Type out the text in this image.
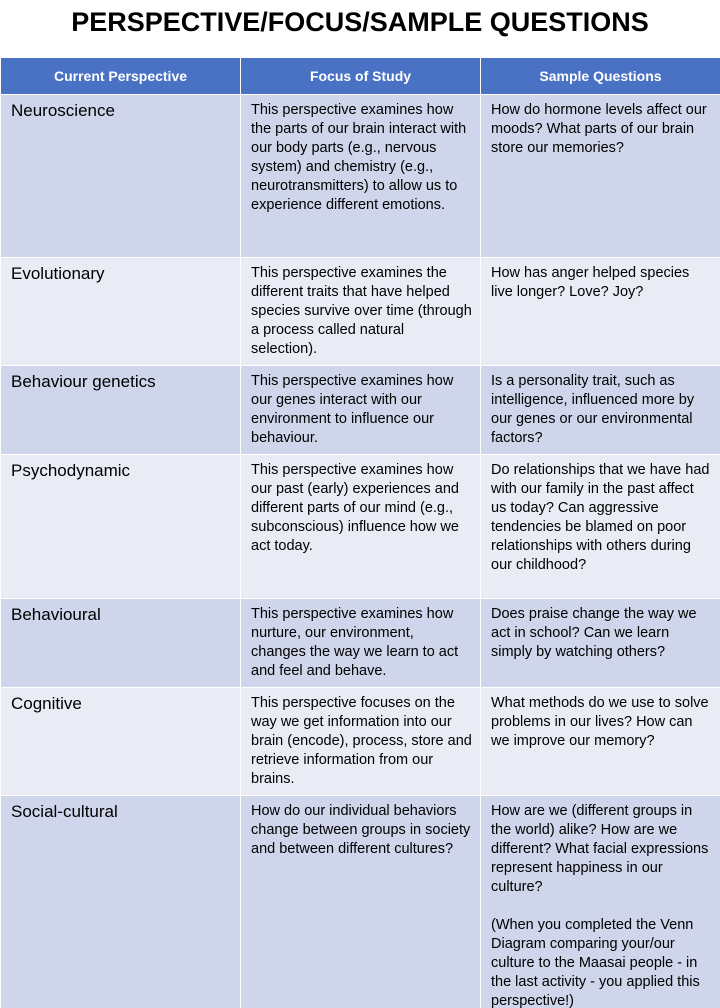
PERSPECTIVE/FOCUS/SAMPLE QUESTIONS
Current Perspective	Focus of Study	Sample Questions
Neuroscience	This perspective examines how the parts of our brain interact with our body parts (e.g., nervous system) and chemistry (e.g., neurotransmitters) to allow us to experience different emotions.	How do hormone levels affect our moods? What parts of our brain store our memories?
Evolutionary	This perspective examines the different traits that have helped species survive over time (through a process called natural selection).	How has anger helped species live longer? Love? Joy?
Behaviour genetics	This perspective examines how our genes interact with our environment to influence our behaviour.	Is a personality trait, such as intelligence, influenced more by our genes or our environmental factors?
Psychodynamic	This perspective examines how our past (early) experiences and different parts of our mind (e.g., subconscious) influence how we act today.	Do relationships that we have had with our family in the past affect us today? Can aggressive tendencies be blamed on poor relationships with others during our childhood?
Behavioural	This perspective examines how nurture, our environment, changes the way we learn to act and feel and behave.	Does praise change the way we act in school? Can we learn simply by watching others?
Cognitive	This perspective focuses on the way we get information into our brain (encode), process, store and retrieve information from our brains.	What methods do we use to solve problems in our lives? How can we improve our memory?
Social-cultural	How do our individual behaviors change between groups in society and between different cultures?	How are we (different groups in the world) alike? How are we different? What facial expressions represent happiness in our culture?

(When you completed the Venn Diagram comparing your/our culture to the Maasai people - in the last activity - you applied this perspective!)
